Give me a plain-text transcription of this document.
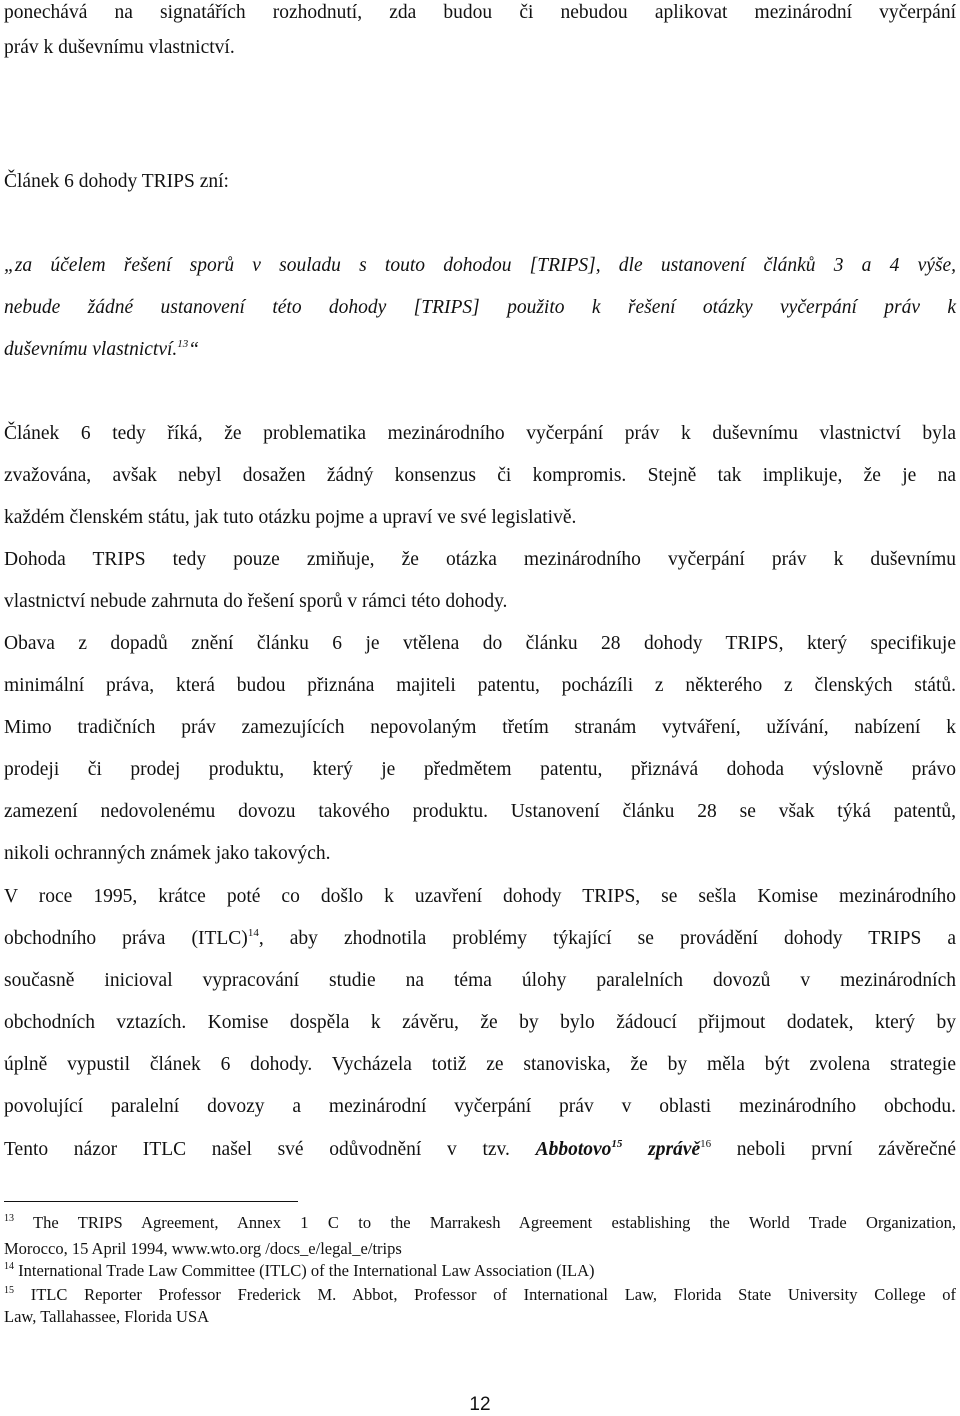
ponechává na signatářích rozhodnutí, zda budou či nebudou aplikovat mezinárodní vyčerpání
práv k duševnímu vlastnictví.
Článek 6 dohody TRIPS zní:
„za účelem řešení sporů v souladu s touto dohodou [TRIPS], dle ustanovení článků 3 a 4 výše,
nebude žádné ustanovení této dohody [TRIPS] použito k řešení otázky vyčerpání práv k
duševnímu vlastnictví.$^{13}$“
Článek 6 tedy říká, že problematika mezinárodního vyčerpání práv k duševnímu vlastnictví byla
zvažována, avšak nebyl dosažen žádný konsenzus či kompromis. Stejně tak implikuje, že je na
každém členském státu, jak tuto otázku pojme a upraví ve své legislativě.
Dohoda TRIPS tedy pouze zmiňuje, že otázka mezinárodního vyčerpání práv k duševnímu
vlastnictví nebude zahrnuta do řešení sporů v rámci této dohody.
Obava z dopadů znění článku 6 je vtělena do článku 28 dohody TRIPS, který specifikuje
minimální práva, která budou přiznána majiteli patentu, pocházíli z některého z členských států.
Mimo tradičních práv zamezujících nepovolaným třetím stranám vytváření, užívání, nabízení k
prodeji či prodej produktu, který je předmětem patentu, přiznává dohoda výslovně právo
zamezení nedovolenému dovozu takového produktu. Ustanovení článku 28 se však týká patentů,
nikoli ochranných známek jako takových.
V roce 1995, krátce poté co došlo k uzavření dohody TRIPS, se sešla Komise mezinárodního
obchodního práva (ITLC)$^{14}$, aby zhodnotila problémy týkající se provádění dohody TRIPS a
současně inicioval vypracování studie na téma úlohy paralelních dovozů v mezinárodních
obchodních vztazích. Komise dospěla k závěru, že by bylo žádoucí přijmout dodatek, který by
úplně vypustil článek 6 dohody. Vycházela totiž ze stanoviska, že by měla být zvolena strategie
povolující paralelní dovozy a mezinárodní vyčerpání práv v oblasti mezinárodního obchodu.
Tento názor ITLC našel své odůvodnění v tzv. Abbotovo$^{15}$ zprávě$^{16}$ neboli první závěrečné
$^{13}$ The TRIPS Agreement, Annex 1 C to the Marrakesh Agreement establishing the World Trade Organization,
Morocco, 15 April 1994, www.wto.org /docs_e/legal_e/trips
$^{14}$ International Trade Law Committee (ITLC) of the International Law Association (ILA)
$^{15}$ ITLC Reporter Professor Frederick M. Abbot, Professor of International Law, Florida State University College of
Law, Tallahassee, Florida USA
12
